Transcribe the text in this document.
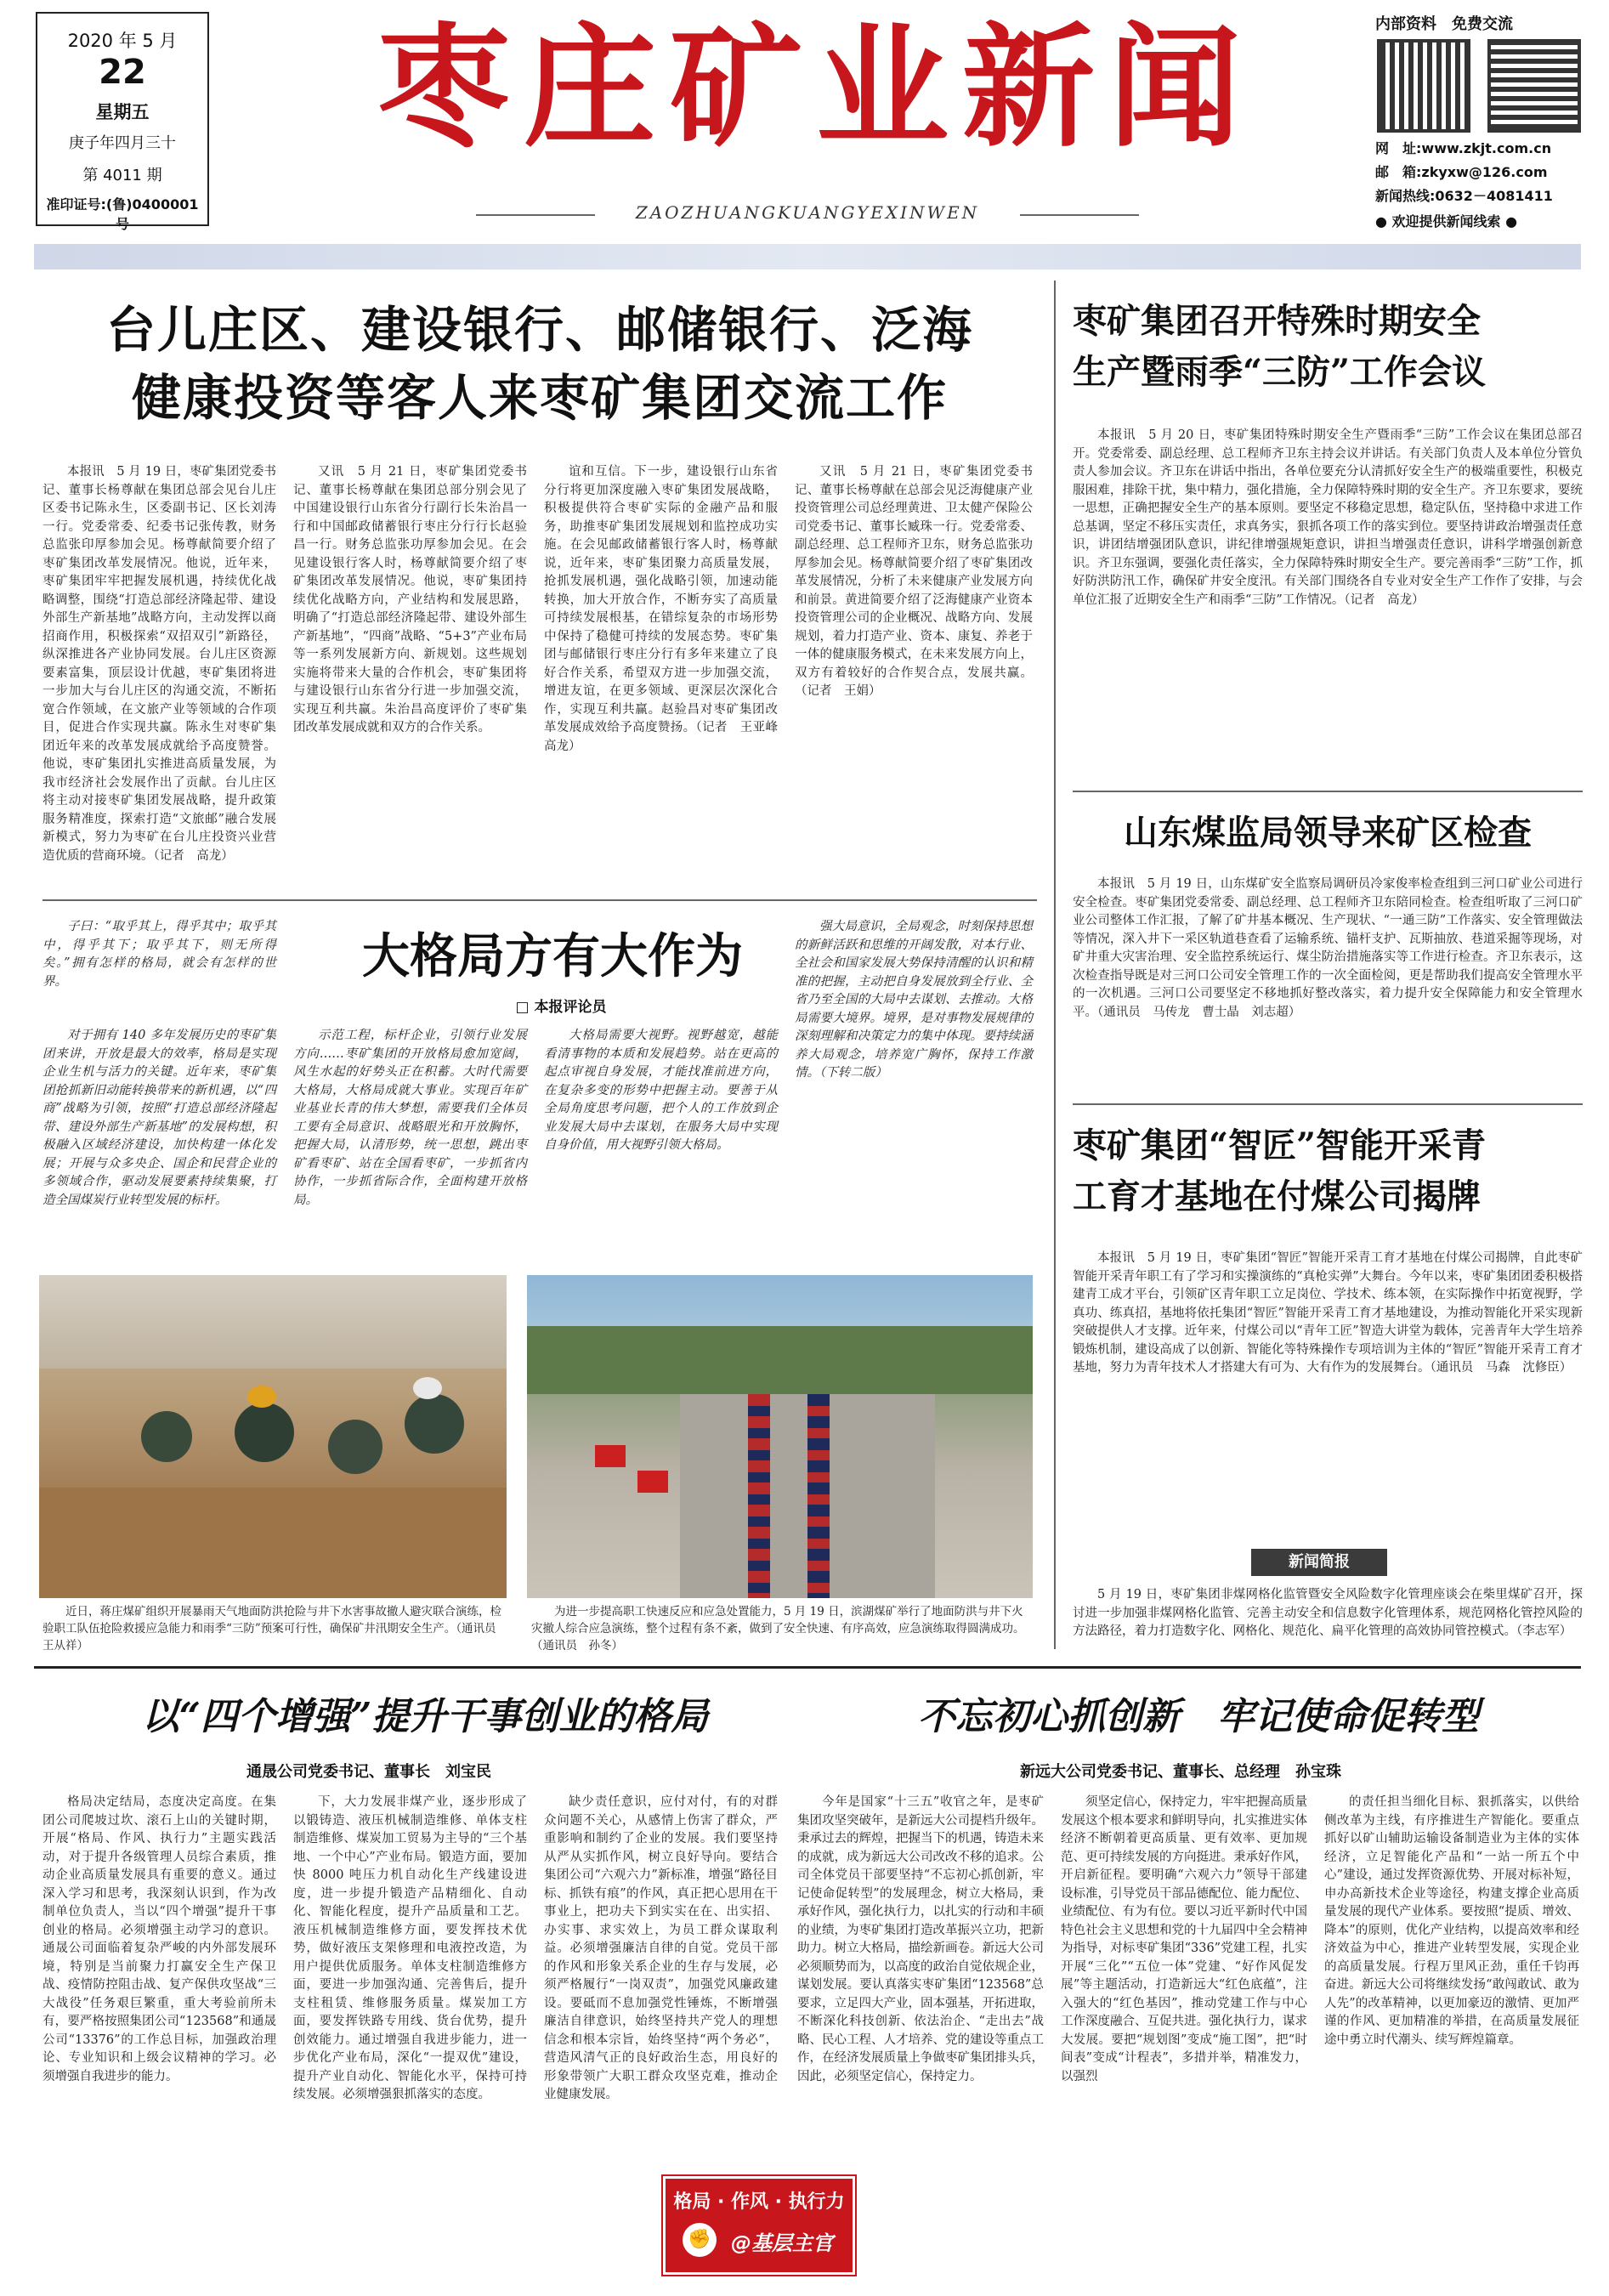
2020 年 5 月
22
星期五
庚子年四月三十
第 4011 期
准印证号:(鲁)0400001 号
枣庄矿业新闻
ZAOZHUANGKUANGYEXINWEN
内部资料　免费交流
网　址:www.zkjt.com.cn
邮　箱:zkyxw@126.com
新闻热线:0632－4081411
● 欢迎提供新闻线索 ●
台儿庄区、建设银行、邮储银行、泛海
健康投资等客人来枣矿集团交流工作

本报讯　5 月 19 日，枣矿集团党委书记、董事长杨尊献在集团总部会见台儿庄区委书记陈永生，区委副书记、区长刘涛一行。党委常委、纪委书记张传教，财务总监张印厚参加会见。杨尊献简要介绍了枣矿集团改革发展情况。他说，近年来，枣矿集团牢牢把握发展机遇，持续优化战略调整，围绕“打造总部经济隆起带、建设外部生产新基地”战略方向，主动发挥以商招商作用，积极探索“双招双引”新路径，纵深推进各产业协同发展。台儿庄区资源要素富集，顶层设计优越，枣矿集团将进一步加大与台儿庄区的沟通交流，不断拓宽合作领域，在文旅产业等领域的合作项目，促进合作实现共赢。陈永生对枣矿集团近年来的改革发展成就给予高度赞誉。他说，枣矿集团扎实推进高质量发展，为我市经济社会发展作出了贡献。台儿庄区将主动对接枣矿集团发展战略，提升政策服务精准度，探索打造“文旅邮”融合发展新模式，努力为枣矿在台儿庄投资兴业营造优质的营商环境。（记者　高龙）

又讯　5 月 21 日，枣矿集团党委书记、董事长杨尊献在集团总部分别会见了中国建设银行山东省分行副行长朱治昌一行和中国邮政储蓄银行枣庄分行行长赵验昌一行。财务总监张功厚参加会见。在会见建设银行客人时，杨尊献简要介绍了枣矿集团改革发展情况。他说，枣矿集团持续优化战略方向，产业结构和发展思路，明确了“打造总部经济隆起带、建设外部生产新基地”，“四商”战略、“5+3”产业布局等一系列发展新方向、新规划。这些规划实施将带来大量的合作机会，枣矿集团将与建设银行山东省分行进一步加强交流，实现互利共赢。朱治昌高度评价了枣矿集团改革发展成就和双方的合作关系。

谊和互信。下一步，建设银行山东省分行将更加深度融入枣矿集团发展战略，积极提供符合枣矿实际的金融产品和服务，助推枣矿集团发展规划和监控成功实施。在会见邮政储蓄银行客人时，杨尊献说，近年来，枣矿集团聚力高质量发展，抢抓发展机遇，强化战略引领，加速动能转换，加大开放合作，不断夯实了高质量可持续发展根基，在错综复杂的市场形势中保持了稳健可持续的发展态势。枣矿集团与邮储银行枣庄分行有多年来建立了良好合作关系，希望双方进一步加强交流，增进友谊，在更多领域、更深层次深化合作，实现互利共赢。赵验昌对枣矿集团改革发展成效给予高度赞扬。（记者　王亚峰　高龙）

又讯　5 月 21 日，枣矿集团党委书记、董事长杨尊献在总部会见泛海健康产业投资管理公司总经理黄进、卫太健产保险公司党委书记、董事长臧珠一行。党委常委、副总经理、总工程师齐卫东，财务总监张功厚参加会见。杨尊献简要介绍了枣矿集团改革发展情况，分析了未来健康产业发展方向和前景。黄进简要介绍了泛海健康产业资本投资管理公司的企业概况、战略方向、发展规划，着力打造产业、资本、康复、养老于一体的健康服务模式，在未来发展方向上，双方有着较好的合作契合点，发展共赢。（记者　王娟）

大格局方有大作为
□ 本报评论员

子曰：“取乎其上，得乎其中；取乎其中，得乎其下；取乎其下，则无所得矣。”拥有怎样的格局，就会有怎样的世界。

对于拥有 140 多年发展历史的枣矿集团来讲，开放是最大的效率，格局是实现企业生机与活力的关键。近年来，枣矿集团抢抓新旧动能转换带来的新机遇，以“四商”战略为引领，按照“打造总部经济隆起带、建设外部生产新基地”的发展构想，积极融入区域经济建设，加快构建一体化发展；开展与众多央企、国企和民营企业的多领域合作，驱动发展要素持续集聚，打造全国煤炭行业转型发展的标杆。

示范工程，标杆企业，引领行业发展方向……枣矿集团的开放格局愈加宽阔，风生水起的好势头正在积蓄。大时代需要大格局，大格局成就大事业。实现百年矿业基业长青的伟大梦想，需要我们全体员工要有全局意识、战略眼光和开放胸怀，把握大局，认清形势，统一思想，跳出枣矿看枣矿、站在全国看枣矿，一步抓省内协作，一步抓省际合作，全面构建开放格局。

大格局需要大视野。视野越宽，越能看清事物的本质和发展趋势。站在更高的起点审视自身发展，才能找准前进方向，在复杂多变的形势中把握主动。要善于从全局角度思考问题，把个人的工作放到企业发展大局中去谋划，在服务大局中实现自身价值，用大视野引领大格局。

强大局意识，全局观念，时刻保持思想的新鲜活跃和思维的开阔发散，对本行业、全社会和国家发展大势保持清醒的认识和精准的把握，主动把自身发展放到全行业、全省乃至全国的大局中去谋划、去推动。大格局需要大境界。境界，是对事物发展规律的深刻理解和决策定力的集中体现。要持续涵养大局观念，培养宽广胸怀，保持工作激情。（下转二版）

近日，蒋庄煤矿组织开展暴雨天气地面防洪抢险与井下水害事故撤人避灾联合演练，检验职工队伍抢险救援应急能力和雨季“三防”预案可行性，确保矿井汛期安全生产。（通讯员　王从祥）
为进一步提高职工快速反应和应急处置能力，5 月 19 日，滨湖煤矿举行了地面防洪与井下火灾撤人综合应急演练，整个过程有条不紊，做到了安全快速、有序高效，应急演练取得圆满成功。（通讯员　孙冬）
枣矿集团召开特殊时期安全
生产暨雨季“三防”工作会议

本报讯　5 月 20 日，枣矿集团特殊时期安全生产暨雨季“三防”工作会议在集团总部召开。党委常委、副总经理、总工程师齐卫东主持会议并讲话。有关部门负责人及本单位分管负责人参加会议。齐卫东在讲话中指出，各单位要充分认清抓好安全生产的极端重要性，积极克服困难，排除干扰，集中精力，强化措施，全力保障特殊时期的安全生产。齐卫东要求，要统一思想，正确把握安全生产的基本原则。要坚定不移稳定思想，稳定队伍，坚持稳中求进工作总基调，坚定不移压实责任，求真务实，狠抓各项工作的落实到位。要坚持讲政治增强责任意识，讲团结增强团队意识，讲纪律增强规矩意识，讲担当增强责任意识，讲科学增强创新意识。齐卫东强调，要强化责任落实，全力保障特殊时期安全生产。要完善雨季“三防”工作，抓好防洪防汛工作，确保矿井安全度汛。有关部门围绕各自专业对安全生产工作作了安排，与会单位汇报了近期安全生产和雨季“三防”工作情况。（记者　高龙）

山东煤监局领导来矿区检查

本报讯　5 月 19 日，山东煤矿安全监察局调研员冷家俊率检查组到三河口矿业公司进行安全检查。枣矿集团党委常委、副总经理、总工程师齐卫东陪同检查。检查组听取了三河口矿业公司整体工作汇报，了解了矿井基本概况、生产现状、“一通三防”工作落实、安全管理做法等情况，深入井下一采区轨道巷查看了运输系统、锚杆支护、瓦斯抽放、巷道采掘等现场，对矿井重大灾害治理、安全监控系统运行、煤尘防治措施落实等工作进行检查。齐卫东表示，这次检查指导既是对三河口公司安全管理工作的一次全面检阅，更是帮助我们提高安全管理水平的一次机遇。三河口公司要坚定不移地抓好整改落实，着力提升安全保障能力和安全管理水平。（通讯员　马传龙　曹士晶　刘志超）

枣矿集团“智匠”智能开采青
工育才基地在付煤公司揭牌

本报讯　5 月 19 日，枣矿集团“智匠”智能开采青工育才基地在付煤公司揭牌，自此枣矿智能开采青年职工有了学习和实操演练的“真枪实弹”大舞台。今年以来，枣矿集团团委积极搭建青工成才平台，引领矿区青年职工立足岗位、学技术、练本领，在实际操作中拓宽视野，学真功、练真招，基地将依托集团“智匠”智能开采青工育才基地建设，为推动智能化开采实现新突破提供人才支撑。近年来，付煤公司以“青年工匠”智造大讲堂为载体，完善青年大学生培养锻炼机制，建设高成了以创新、智能化等特殊操作专项培训为主体的“智匠”智能开采青工育才基地，努力为青年技术人才搭建大有可为、大有作为的发展舞台。（通讯员　马森　沈修臣）

新闻简报

5 月 19 日，枣矿集团非煤网格化监管暨安全风险数字化管理座谈会在柴里煤矿召开，探讨进一步加强非煤网格化监管、完善主动安全和信息数字化管理体系，规范网格化管控风险的方法路径，着力打造数字化、网格化、规范化、扁平化管理的高效协同管控模式。（李志军）

以“四个增强”提升干事创业的格局
通晟公司党委书记、董事长　刘宝民

格局决定结局，态度决定高度。在集团公司爬坡过坎、滚石上山的关键时期，开展“格局、作风、执行力”主题实践活动，对于提升各级管理人员综合素质，推动企业高质量发展具有重要的意义。通过深入学习和思考，我深刻认识到，作为改制单位负责人，当以“四个增强”提升干事创业的格局。必须增强主动学习的意识。通晟公司面临着复杂严峻的内外部发展环境，特别是当前聚力打赢安全生产保卫战、疫情防控阻击战、复产保供攻坚战“三大战役”任务艰巨繁重，重大考验前所未有，要严格按照集团公司“123568”和通晟公司“13376”的工作总目标，加强政治理论、专业知识和上级会议精神的学习。必须增强自我进步的能力。

下，大力发展非煤产业，逐步形成了以锻铸造、液压机械制造维修、单体支柱制造维修、煤炭加工贸易为主导的“三个基地、一个中心”产业布局。锻造方面，要加快 8000 吨压力机自动化生产线建设进度，进一步提升锻造产品精细化、自动化、智能化程度，提升产品质量和工艺。液压机械制造维修方面，要发挥技术优势，做好液压支架修理和电液控改造，为用户提供优质服务。单体支柱制造维修方面，要进一步加强沟通、完善售后，提升支柱租赁、维修服务质量。煤炭加工方面，要发挥铁路专用线、货台优势，提升创效能力。通过增强自我进步能力，进一步优化产业布局，深化“一提双优”建设，提升产业自动化、智能化水平，保持可持续发展。必须增强狠抓落实的态度。

缺少责任意识，应付对付，有的对群众问题不关心，从感情上伤害了群众，严重影响和制约了企业的发展。我们要坚持从严从实抓作风，树立良好导向。要结合集团公司“六观六力”新标准，增强“路径目标、抓铁有痕”的作风，真正把心思用在干事业上，把功夫下到实实在在、出实招、办实事、求实效上，为员工群众谋取利益。必须增强廉洁自律的自觉。党员干部的作风和形象关系企业的生存与发展，必须严格履行“一岗双责”，加强党风廉政建设。要砥而不息加强党性锤炼，不断增强廉洁自律意识，始终坚持共产党人的理想信念和根本宗旨，始终坚持“两个务必”，营造风清气正的良好政治生态，用良好的形象带领广大职工群众攻坚克难，推动企业健康发展。

不忘初心抓创新　牢记使命促转型
新远大公司党委书记、董事长、总经理　孙宝珠

今年是国家“十三五”收官之年，是枣矿集团攻坚突破年，是新远大公司提档升级年。秉承过去的辉煌，把握当下的机遇，铸造未来的成就，成为新远大公司改改不移的追求。公司全体党员干部要坚持“不忘初心抓创新，牢记使命促转型”的发展理念，树立大格局，秉承好作风，强化执行力，以扎实的行动和丰硕的业绩，为枣矿集团打造改革振兴立功，把新助力。树立大格局，描绘新画卷。新远大公司必须顺势而为，以高度的政治自觉依规企业，谋划发展。要认真落实枣矿集团“123568”总要求，立足四大产业，固本强基，开拓进取，不断深化科技创新、依法治企、“走出去”战略、民心工程、人才培养、党的建设等重点工作，在经济发展质量上争做枣矿集团排头兵，因此，必须坚定信心，保持定力。

须坚定信心，保持定力，牢牢把握高质量发展这个根本要求和鲜明导向，扎实推进实体经济不断朝着更高质量、更有效率、更加规范、更可持续发展的方向挺进。秉承好作风，开启新征程。要明确“六观六力”领导干部建设标准，引导党员干部品德配位、能力配位、业绩配位、有为有位。要以习近平新时代中国特色社会主义思想和党的十九届四中全会精神为指导，对标枣矿集团“336”党建工程，扎实开展“三化”“五位一体”党建、“好作风促发展”等主题活动，打造新远大“红色底蕴”，注入强大的“红色基因”，推动党建工作与中心工作深度融合、互促共进。强化执行力，谋求大发展。要把“规划图”变成“施工图”，把“时间表”变成“计程表”，多措并举，精准发力，以强烈

的责任担当细化目标、狠抓落实，以供给侧改革为主线，有序推进生产智能化。要重点抓好以矿山辅助运输设备制造业为主体的实体经济，立足智能化产品和“一站一所五个中心”建设，通过发挥资源优势、开展对标补短，申办高新技术企业等途径，构建支撑企业高质量发展的现代产业体系。要按照“提质、增效、降本”的原则，优化产业结构，以提高效率和经济效益为中心，推进产业转型发展，实现企业的高质量发展。行程万里风正劲，重任千钧再奋进。新远大公司将继续发扬“敢闯敢试、敢为人先”的改革精神，以更加豪迈的激情、更加严谨的作风、更加精准的举措，在高质量发展征途中勇立时代潮头、续写辉煌篇章。

格局 · 作风 · 执行力
✊ @基层主官
